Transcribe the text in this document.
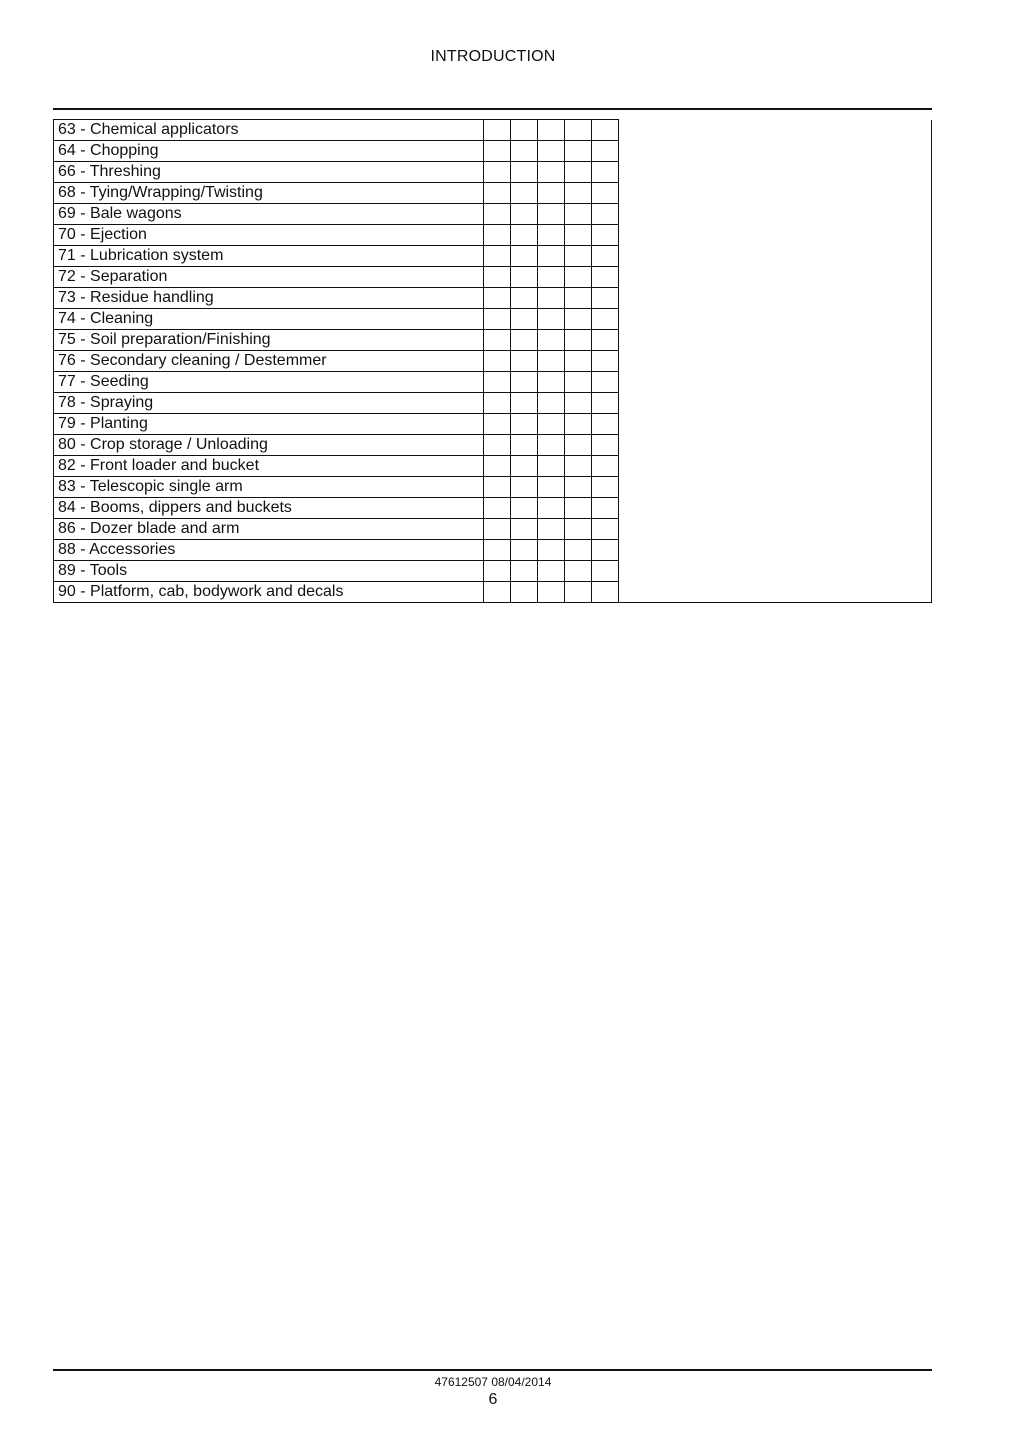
INTRODUCTION
63 - Chemical applicators						
64 - Chopping						
66 - Threshing						
68 - Tying/Wrapping/Twisting						
69 - Bale wagons						
70 - Ejection						
71 - Lubrication system						
72 - Separation						
73 - Residue handling						
74 - Cleaning						
75 - Soil preparation/Finishing						
76 - Secondary cleaning / Destemmer						
77 - Seeding						
78 - Spraying						
79 - Planting						
80 - Crop storage / Unloading						
82 - Front loader and bucket						
83 - Telescopic single arm						
84 - Booms, dippers and buckets						
86 - Dozer blade and arm						
88 - Accessories						
89 - Tools						
90 - Platform, cab, bodywork and decals						
47612507 08/04/2014
6
